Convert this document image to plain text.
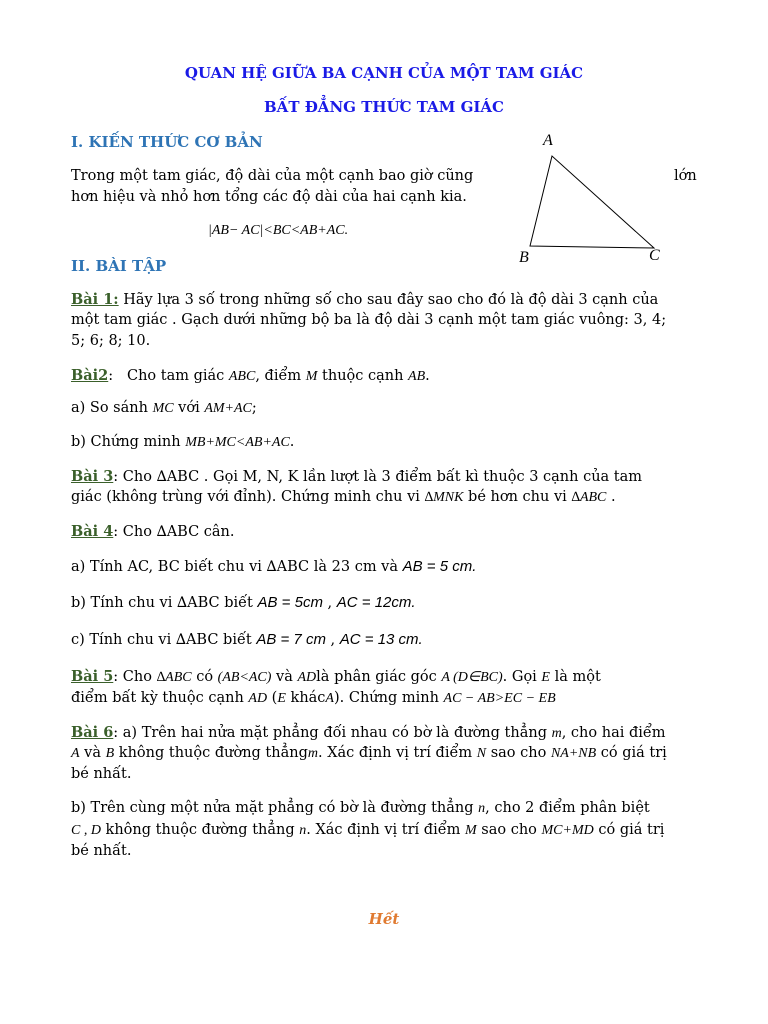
QUAN HỆ GIỮA BA CẠNH CỦA MỘT TAM GIÁC
BẤT ĐẲNG THỨC TAM GIÁC
I. KIẾN THỨC CƠ BẢN
Trong một tam giác, độ dài của một cạnh bao giờ cũng	lớn
hơn hiệu và nhỏ hơn tổng các độ dài của hai cạnh kia.
|AB− AC|<BC<AB+AC.
A
B	C
II. BÀI TẬP
Bài 1: Hãy lựa 3 số trong những số cho sau đây sao cho đó là độ dài 3 cạnh của
một tam giác . Gạch dưới những bộ ba là độ dài 3 cạnh một tam giác vuông: 3, 4;
5; 6; 8; 10.
Bài2: Cho tam giác ABC, điểm M thuộc cạnh AB.
a) So sánh MC với AM+AC;
b) Chứng minh MB+MC<AB+AC.
Bài 3: Cho ∆ABC . Gọi M, N, K lần lượt là 3 điểm bất kì thuộc 3 cạnh của tam
giác (không trùng với đỉnh). Chứng minh chu vi ∆MNK bé hơn chu vi ∆ABC .
Bài 4: Cho ∆ABC cân.
a) Tính AC, BC biết chu vi ∆ABC là 23 cm và AB = 5 cm.
b) Tính chu vi ∆ABC biết AB = 5cm , AC = 12cm.
c) Tính chu vi ∆ABC biết AB = 7 cm , AC = 13 cm.
Bài 5: Cho ∆ABC có (AB<AC) và ADlà phân giác góc A (D∈BC). Gọi E là một
điểm bất kỳ thuộc cạnh AD (E khácA). Chứng minh AC − AB>EC − EB
Bài 6: a) Trên hai nửa mặt phẳng đối nhau có bờ là đường thẳng m, cho hai điểm
A và B không thuộc đường thẳngm. Xác định vị trí điểm N sao cho NA+NB có giá trị
bé nhất.
b) Trên cùng một nửa mặt phẳng có bờ là đường thẳng n, cho 2 điểm phân biệt
C , D không thuộc đường thẳng n. Xác định vị trí điểm M sao cho MC+MD có giá trị
bé nhất.
Hết
